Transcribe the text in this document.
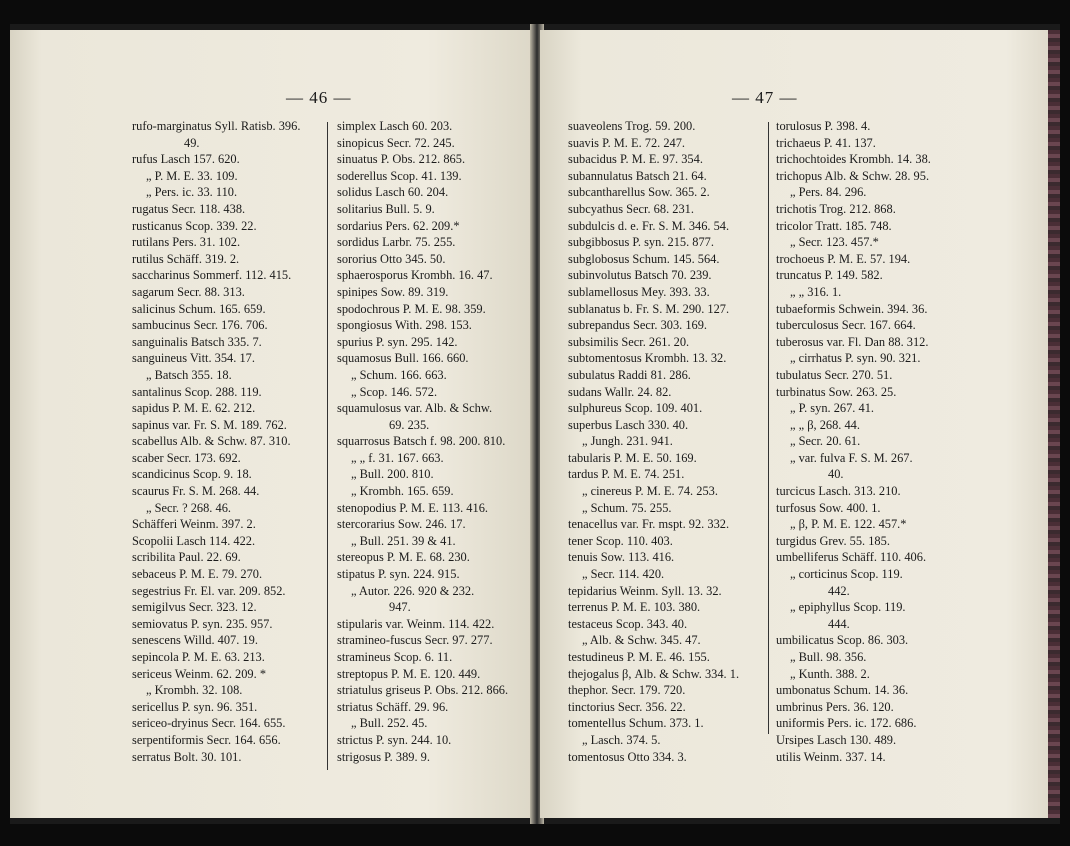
— 46 —
rufo-marginatus Syll. Ratisb. 396.
49.
rufus Lasch 157. 620.
„ P. M. E. 33. 109.
„ Pers. ic. 33. 110.
rugatus Secr. 118. 438.
rusticanus Scop. 339. 22.
rutilans Pers. 31. 102.
rutilus Schäff. 319. 2.
saccharinus Sommerf. 112. 415.
sagarum Secr. 88. 313.
salicinus Schum. 165. 659.
sambucinus Secr. 176. 706.
sanguinalis Batsch 335. 7.
sanguineus Vitt. 354. 17.
„ Batsch 355. 18.
santalinus Scop. 288. 119.
sapidus P. M. E. 62. 212.
sapinus var. Fr. S. M. 189. 762.
scabellus Alb. & Schw. 87. 310.
scaber Secr. 173. 692.
scandicinus Scop. 9. 18.
scaurus Fr. S. M. 268. 44.
„ Secr. ? 268. 46.
Schäfferi Weinm. 397. 2.
Scopolii Lasch 114. 422.
scribilita Paul. 22. 69.
sebaceus P. M. E. 79. 270.
segestrius Fr. El. var. 209. 852.
semigilvus Secr. 323. 12.
semiovatus P. syn. 235. 957.
senescens Willd. 407. 19.
sepincola P. M. E. 63. 213.
sericeus Weinm. 62. 209. *
„ Krombh. 32. 108.
sericellus P. syn. 96. 351.
sericeo-dryinus Secr. 164. 655.
serpentiformis Secr. 164. 656.
serratus Bolt. 30. 101.
simplex Lasch 60. 203.
sinopicus Secr. 72. 245.
sinuatus P. Obs. 212. 865.
soderellus Scop. 41. 139.
solidus Lasch 60. 204.
solitarius Bull. 5. 9.
sordarius Pers. 62. 209.*
sordidus Larbr. 75. 255.
sororius Otto 345. 50.
sphaerosporus Krombh. 16. 47.
spinipes Sow. 89. 319.
spodochrous P. M. E. 98. 359.
spongiosus With. 298. 153.
spurius P. syn. 295. 142.
squamosus Bull. 166. 660.
„ Schum. 166. 663.
„ Scop. 146. 572.
squamulosus var. Alb. & Schw.
69. 235.
squarrosus Batsch f. 98. 200. 810.
„ „ f. 31. 167. 663.
„ Bull. 200. 810.
„ Krombh. 165. 659.
stenopodius P. M. E. 113. 416.
stercorarius Sow. 246. 17.
„ Bull. 251. 39 & 41.
stereopus P. M. E. 68. 230.
stipatus P. syn. 224. 915.
„ Autor. 226. 920 & 232.
947.
stipularis var. Weinm. 114. 422.
stramineo-fuscus Secr. 97. 277.
stramineus Scop. 6. 11.
streptopus P. M. E. 120. 449.
striatulus griseus P. Obs. 212. 866.
striatus Schäff. 29. 96.
„ Bull. 252. 45.
strictus P. syn. 244. 10.
strigosus P. 389. 9.
— 47 —
suaveolens Trog. 59. 200.
suavis P. M. E. 72. 247.
subacidus P. M. E. 97. 354.
subannulatus Batsch 21. 64.
subcantharellus Sow. 365. 2.
subcyathus Secr. 68. 231.
subdulcis d. e. Fr. S. M. 346. 54.
subgibbosus P. syn. 215. 877.
subglobosus Schum. 145. 564.
subinvolutus Batsch 70. 239.
sublamellosus Mey. 393. 33.
sublanatus b. Fr. S. M. 290. 127.
subrepandus Secr. 303. 169.
subsimilis Secr. 261. 20.
subtomentosus Krombh. 13. 32.
subulatus Raddi 81. 286.
sudans Wallr. 24. 82.
sulphureus Scop. 109. 401.
superbus Lasch 330. 40.
„ Jungh. 231. 941.
tabularis P. M. E. 50. 169.
tardus P. M. E. 74. 251.
„ cinereus P. M. E. 74. 253.
„ Schum. 75. 255.
tenacellus var. Fr. mspt. 92. 332.
tener Scop. 110. 403.
tenuis Sow. 113. 416.
„ Secr. 114. 420.
tepidarius Weinm. Syll. 13. 32.
terrenus P. M. E. 103. 380.
testaceus Scop. 343. 40.
„ Alb. & Schw. 345. 47.
testudineus P. M. E. 46. 155.
thejogalus β, Alb. & Schw. 334. 1.
thephor. Secr. 179. 720.
tinctorius Secr. 356. 22.
tomentellus Schum. 373. 1.
„ Lasch. 374. 5.
tomentosus Otto 334. 3.
torulosus P. 398. 4.
trichaeus P. 41. 137.
trichochtoides Krombh. 14. 38.
trichopus Alb. & Schw. 28. 95.
„ Pers. 84. 296.
trichotis Trog. 212. 868.
tricolor Tratt. 185. 748.
„ Secr. 123. 457.*
trochoeus P. M. E. 57. 194.
truncatus P. 149. 582.
„ „ 316. 1.
tubaeformis Schwein. 394. 36.
tuberculosus Secr. 167. 664.
tuberosus var. Fl. Dan 88. 312.
„ cirrhatus P. syn. 90. 321.
tubulatus Secr. 270. 51.
turbinatus Sow. 263. 25.
„ P. syn. 267. 41.
„ „ β, 268. 44.
„ Secr. 20. 61.
„ var. fulva F. S. M. 267.
40.
turcicus Lasch. 313. 210.
turfosus Sow. 400. 1.
„ β, P. M. E. 122. 457.*
turgidus Grev. 55. 185.
umbelliferus Schäff. 110. 406.
„ corticinus Scop. 119.
442.
„ epiphyllus Scop. 119.
444.
umbilicatus Scop. 86. 303.
„ Bull. 98. 356.
„ Kunth. 388. 2.
umbonatus Schum. 14. 36.
umbrinus Pers. 36. 120.
uniformis Pers. ic. 172. 686.
Ursipes Lasch 130. 489.
utilis Weinm. 337. 14.
